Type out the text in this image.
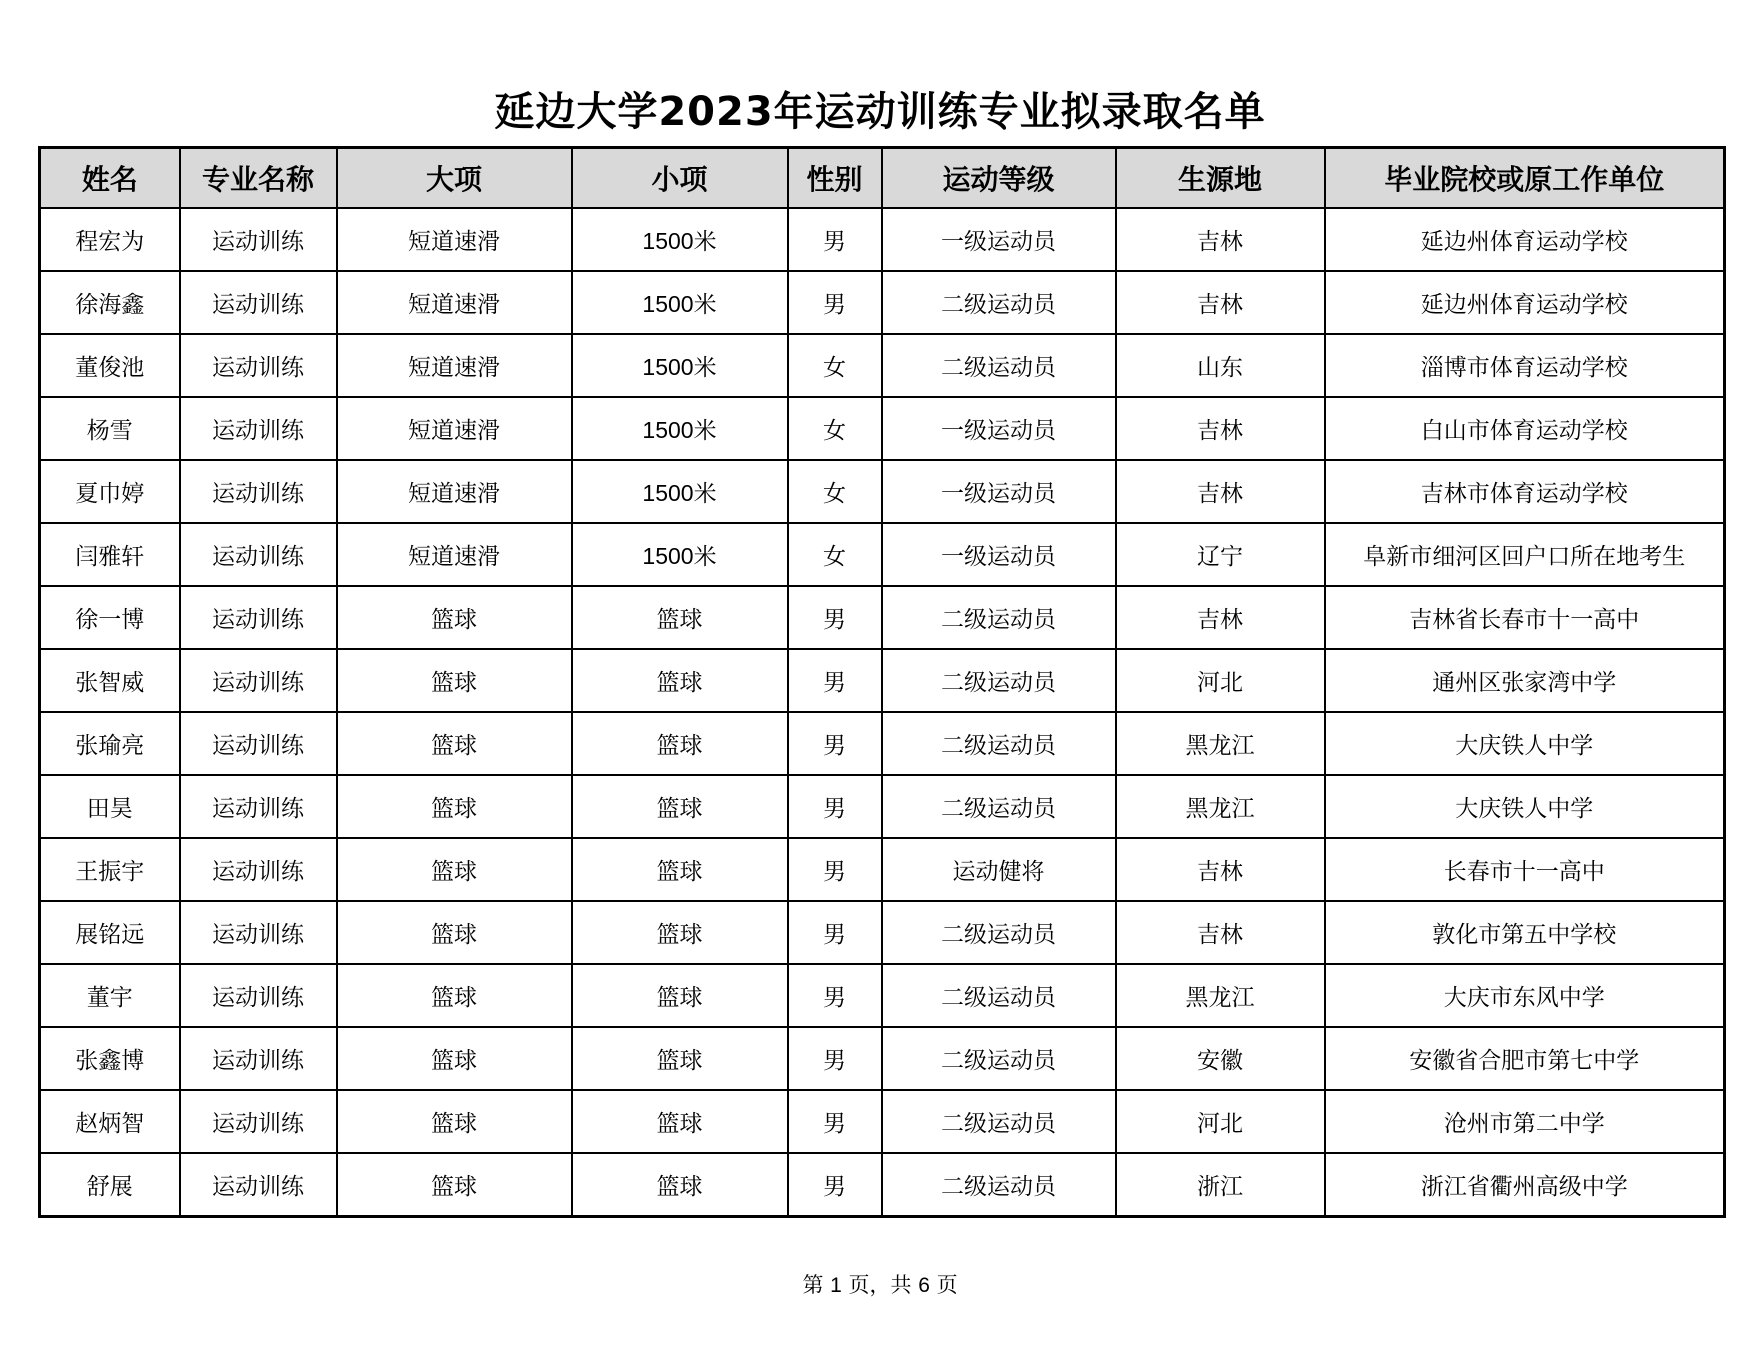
延边大学2023年运动训练专业拟录取名单
姓名	专业名称	大项	小项	性别	运动等级	生源地	毕业院校或原工作单位
程宏为	运动训练	短道速滑	1500米	男	一级运动员	吉林	延边州体育运动学校
徐海鑫	运动训练	短道速滑	1500米	男	二级运动员	吉林	延边州体育运动学校
董俊池	运动训练	短道速滑	1500米	女	二级运动员	山东	淄博市体育运动学校
杨雪	运动训练	短道速滑	1500米	女	一级运动员	吉林	白山市体育运动学校
夏巾婷	运动训练	短道速滑	1500米	女	一级运动员	吉林	吉林市体育运动学校
闫雅轩	运动训练	短道速滑	1500米	女	一级运动员	辽宁	阜新市细河区回户口所在地考生
徐一博	运动训练	篮球	篮球	男	二级运动员	吉林	吉林省长春市十一高中
张智威	运动训练	篮球	篮球	男	二级运动员	河北	通州区张家湾中学
张瑜亮	运动训练	篮球	篮球	男	二级运动员	黑龙江	大庆铁人中学
田昊	运动训练	篮球	篮球	男	二级运动员	黑龙江	大庆铁人中学
王振宇	运动训练	篮球	篮球	男	运动健将	吉林	长春市十一高中
展铭远	运动训练	篮球	篮球	男	二级运动员	吉林	敦化市第五中学校
董宇	运动训练	篮球	篮球	男	二级运动员	黑龙江	大庆市东风中学
张鑫博	运动训练	篮球	篮球	男	二级运动员	安徽	安徽省合肥市第七中学
赵炳智	运动训练	篮球	篮球	男	二级运动员	河北	沧州市第二中学
舒展	运动训练	篮球	篮球	男	二级运动员	浙江	浙江省衢州高级中学
第 1 页，共 6 页
